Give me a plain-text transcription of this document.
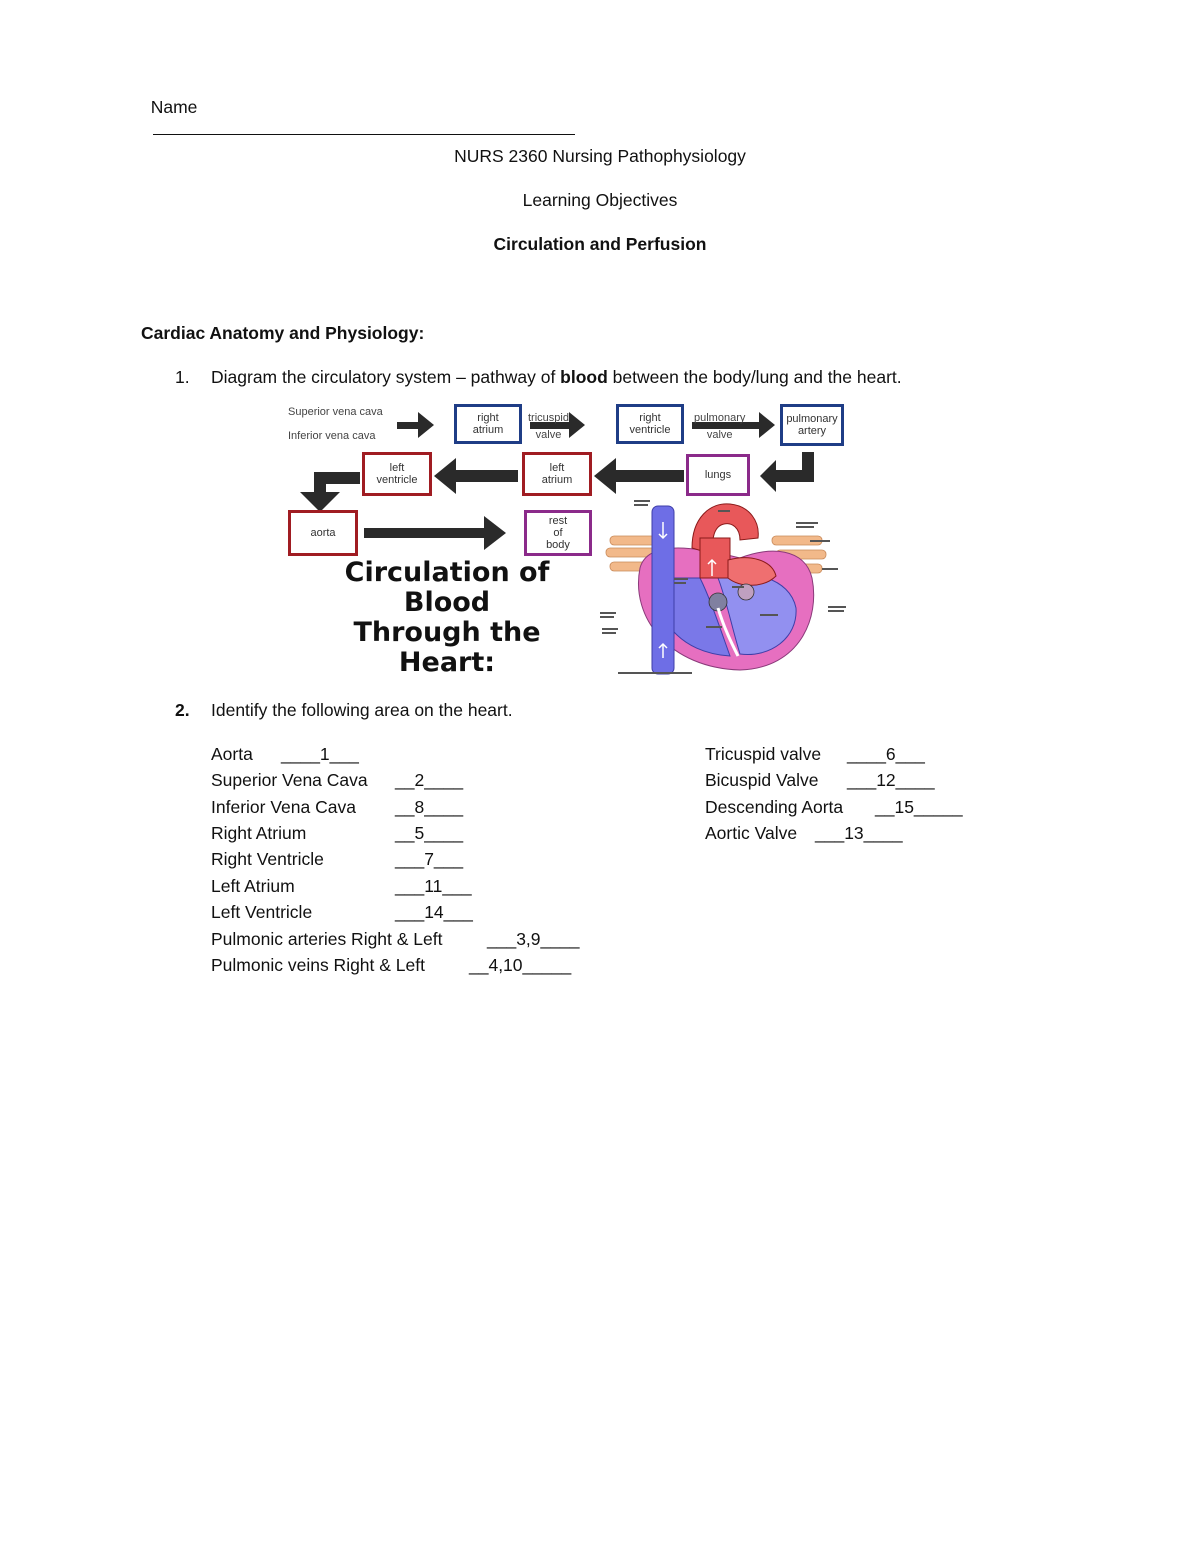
Name

NURS 2360 Nursing Pathophysiology
Learning Objectives
Circulation and Perfusion
Cardiac Anatomy and Physiology:
1. Diagram the circulatory system – pathway of blood between the body/lung and the heart.
Superior vena cava
Inferior vena cava
right
atrium
tricuspid
valve
right
ventricle
pulmonary
valve
pulmonary
artery
lungs
left
atrium
left
ventricle
aorta
rest
of
body
Circulation of
Blood
Through the
Heart:
2. Identify the following area on the heart.
Aorta ____1___
Superior Vena Cava __2____
Inferior Vena Cava __8____
Right Atrium	__5____
Right Ventricle	___7___
Left Atrium	___11___
Left Ventricle	___14___
Pulmonic arteries Right & Left	___3,9____
Pulmonic veins Right & Left	__4,10_____
Tricuspid valve ____6___
Bicuspid Valve ___12____
Descending Aorta __15_____
Aortic Valve ___13____
